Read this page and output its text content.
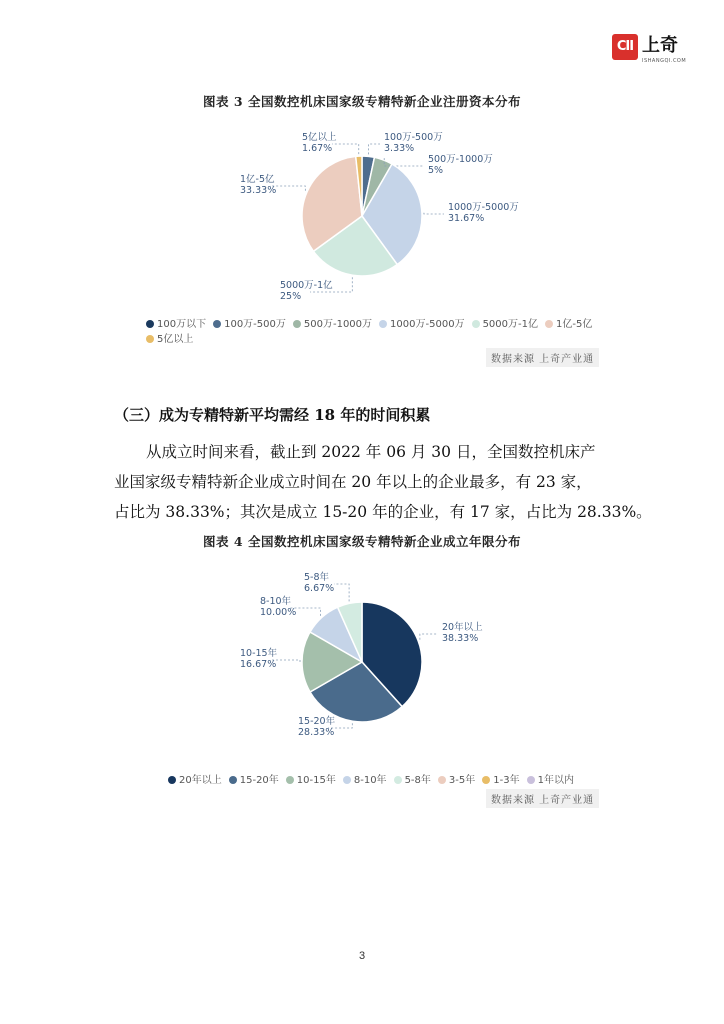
CII 上奇
ISHANGQI.COM
图表 3 全国数控机床国家级专精特新企业注册资本分布
100万-500万
3.33%
500万-1000万
5%
1000万-5000万
31.67%
5000万-1亿
25%
1亿-5亿
33.33%
5亿以上
1.67%
100万以下 100万-500万 500万-1000万 1000万-5000万 5000万-1亿 1亿-5亿5亿以上
数据来源 上奇产业通
（三）成为专精特新平均需经 18 年的时间积累
从成立时间来看，截止到 2022 年 06 月 30 日，全国数控机床产
业国家级专精特新企业成立时间在 20 年以上的企业最多，有 23 家，
占比为 38.33%；其次是成立 15-20 年的企业，有 17 家，占比为 28.33%。
图表 4 全国数控机床国家级专精特新企业成立年限分布
20年以上
38.33%
15-20年
28.33%
10-15年
16.67%
8-10年
10.00%
5-8年
6.67%
20年以上 15-20年 10-15年 8-10年 5-8年 3-5年 1-3年 1年以内
数据来源 上奇产业通
3
